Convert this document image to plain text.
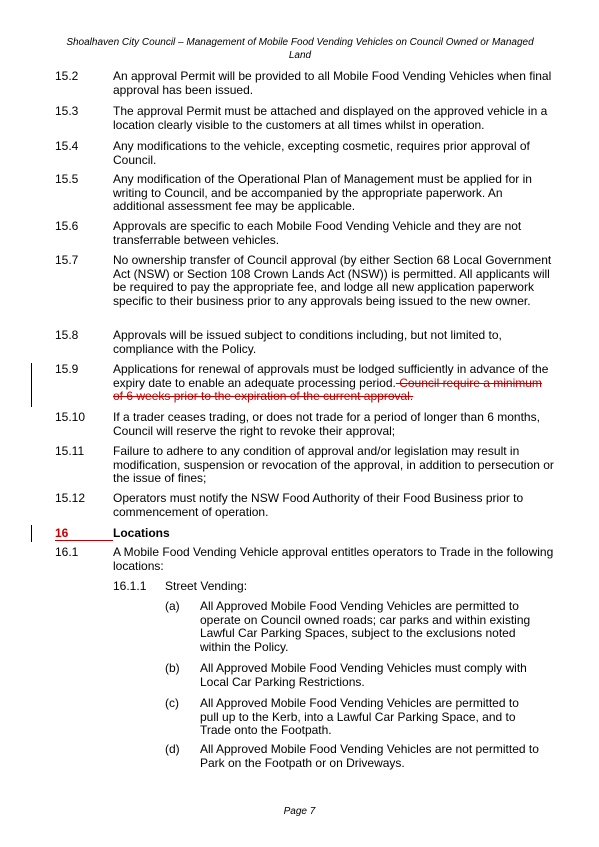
Shoalhaven City Council – Management of Mobile Food Vending Vehicles on Council Owned or Managed
Land
15.2	An approval Permit will be provided to all Mobile Food Vending Vehicles when final approval has been issued.
15.3	The approval Permit must be attached and displayed on the approved vehicle in a location clearly visible to the customers at all times whilst in operation.
15.4	Any modifications to the vehicle, excepting cosmetic, requires prior approval of Council.
15.5	Any modification of the Operational Plan of Management must be applied for in writing to Council, and be accompanied by the appropriate paperwork. An additional assessment fee may be applicable.
15.6	Approvals are specific to each Mobile Food Vending Vehicle and they are not transferrable between vehicles.
15.7	No ownership transfer of Council approval (by either Section 68 Local Government Act (NSW) or Section 108 Crown Lands Act (NSW)) is permitted. All applicants will be required to pay the appropriate fee, and lodge all new application paperwork specific to their business prior to any approvals being issued to the new owner.
15.8	Approvals will be issued subject to conditions including, but not limited to, compliance with the Policy.
15.9	Applications for renewal of approvals must be lodged sufficiently in advance of the expiry date to enable an adequate processing period. Council require a minimum of 6 weeks prior to the expiration of the current approval.
15.10 If a trader ceases trading, or does not trade for a period of longer than 6 months, Council will reserve the right to revoke their approval;
15.11 Failure to adhere to any condition of approval and/or legislation may result in modification, suspension or revocation of the approval, in addition to persecution or the issue of fines;
15.12 Operators must notify the NSW Food Authority of their Food Business prior to commencement of operation.
16	Locations
16.1	A Mobile Food Vending Vehicle approval entitles operators to Trade in the following locations:
16.1.1 Street Vending:
(a) All Approved Mobile Food Vending Vehicles are permitted to operate on Council owned roads; car parks and within existing Lawful Car Parking Spaces, subject to the exclusions noted within the Policy.
(b) All Approved Mobile Food Vending Vehicles must comply with Local Car Parking Restrictions.
(c) All Approved Mobile Food Vending Vehicles are permitted to pull up to the Kerb, into a Lawful Car Parking Space, and to Trade onto the Footpath.
(d) All Approved Mobile Food Vending Vehicles are not permitted to Park on the Footpath or on Driveways.
Page 7
